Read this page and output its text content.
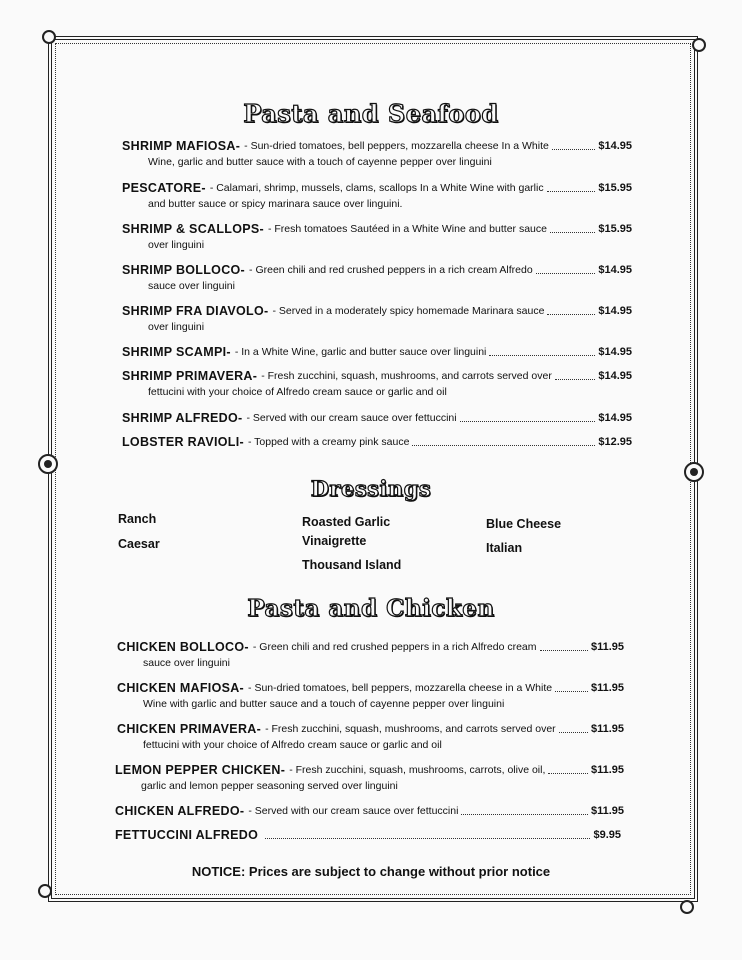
Pasta and Seafood
SHRIMP MAFIOSA- - Sun-dried tomatoes, bell peppers, mozzarella cheese In a White	$14.95
Wine, garlic and butter sauce with a touch of cayenne pepper over linguini
PESCATORE- - Calamari, shrimp, mussels, clams, scallops In a White Wine with garlic	$15.95
and butter sauce or spicy marinara sauce over linguini.
SHRIMP & SCALLOPS- - Fresh tomatoes Sautéed in a White Wine and butter sauce	$15.95
over linguini
SHRIMP BOLLOCO- - Green chili and red crushed peppers in a rich cream Alfredo	$14.95
sauce over linguini
SHRIMP FRA DIAVOLO- - Served in a moderately spicy homemade Marinara sauce	$14.95
over linguini
SHRIMP SCAMPI- - In a White Wine, garlic and butter sauce over linguini	$14.95
SHRIMP PRIMAVERA- - Fresh zucchini, squash, mushrooms, and carrots served over	$14.95
fettucini with your choice of Alfredo cream sauce or garlic and oil
SHRIMP ALFREDO- - Served with our cream sauce over fettuccini	$14.95
LOBSTER RAVIOLI- - Topped with a creamy pink sauce	$12.95
Dressings
Ranch
Caesar
Roasted Garlic
Vinaigrette
Thousand Island
Blue Cheese
Italian
Pasta and Chicken
CHICKEN BOLLOCO- - Green chili and red crushed peppers in a rich Alfredo cream	$11.95
sauce over linguini
CHICKEN MAFIOSA- - Sun-dried tomatoes, bell peppers, mozzarella cheese in a White	$11.95
Wine with garlic and butter sauce and a touch of cayenne pepper over linguini
CHICKEN PRIMAVERA- - Fresh zucchini, squash, mushrooms, and carrots served over	$11.95
fettucini with your choice of Alfredo cream sauce or garlic and oil
LEMON PEPPER CHICKEN- - Fresh zucchini, squash, mushrooms, carrots, olive oil,	$11.95
garlic and lemon pepper seasoning served over linguini
CHICKEN ALFREDO- - Served with our cream sauce over fettuccini	$11.95
FETTUCCINI ALFREDO	$9.95
NOTICE: Prices are subject to change without prior notice
